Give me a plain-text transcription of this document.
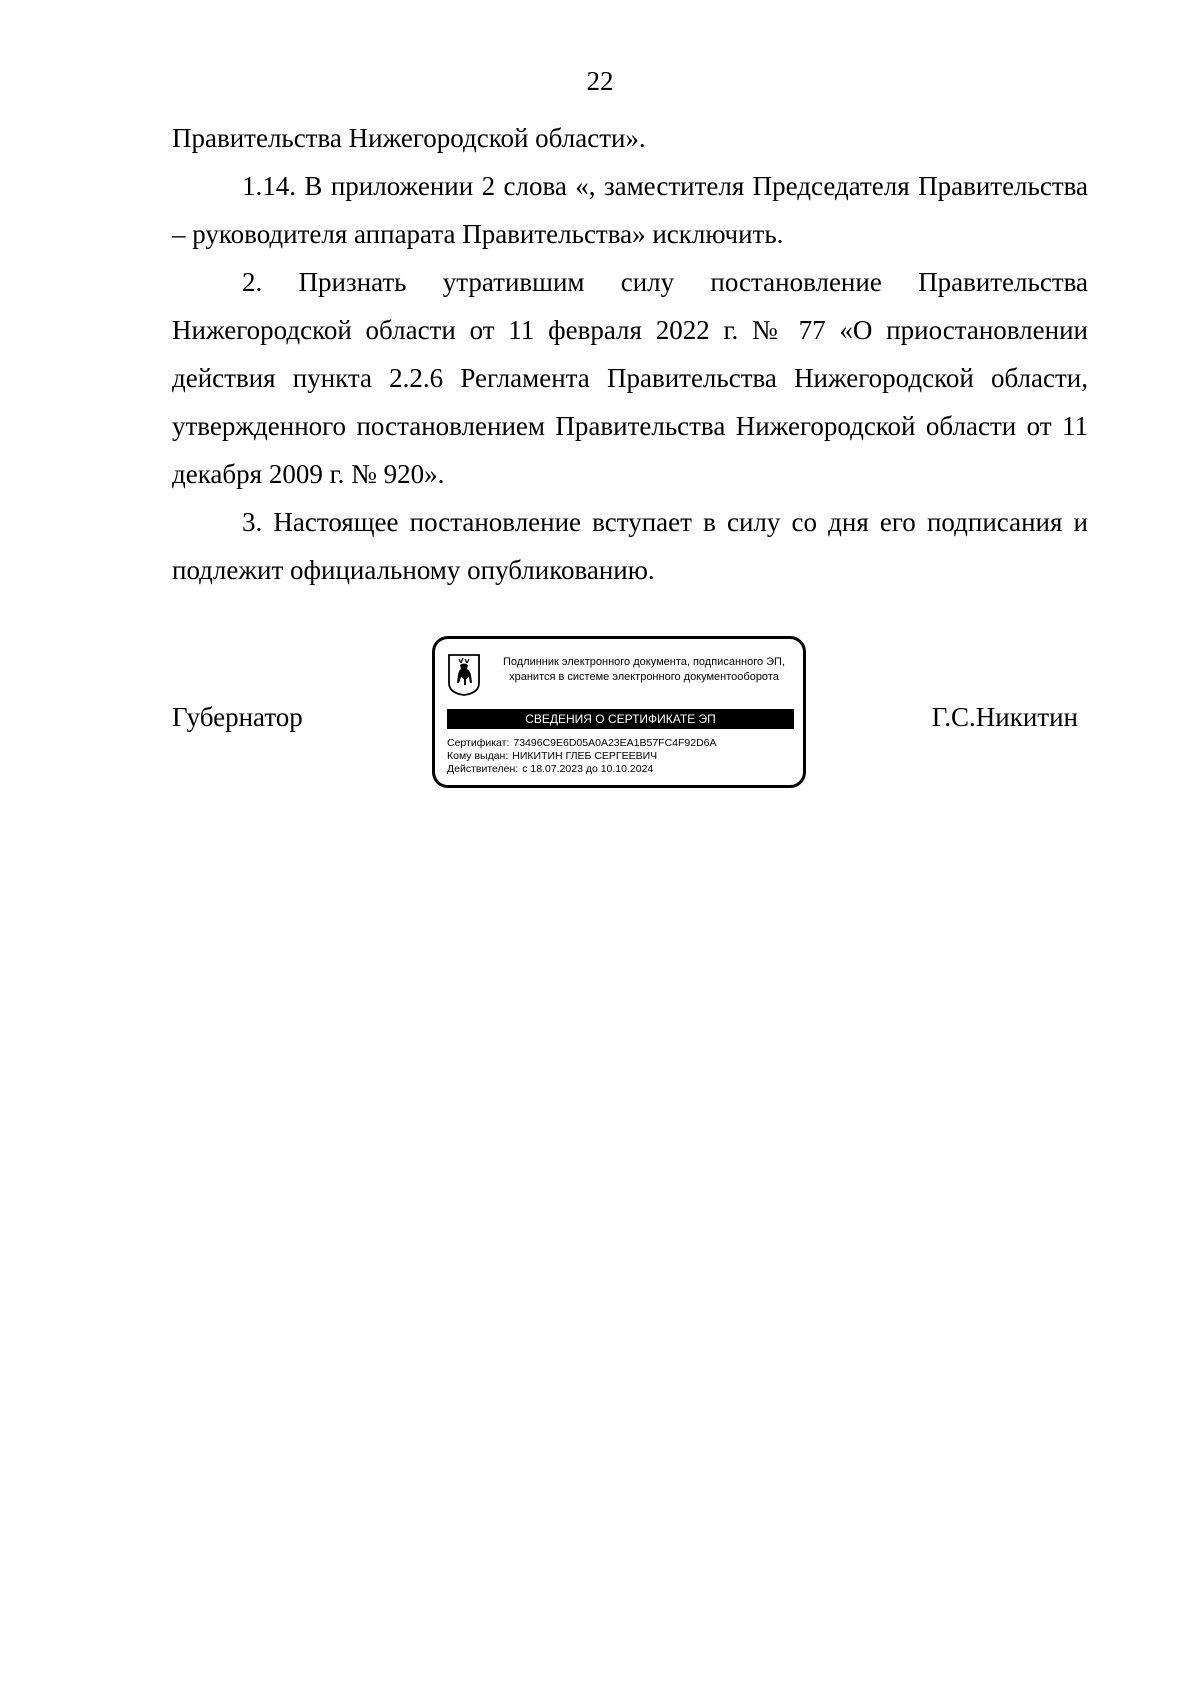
22

Правительства Нижегородской области».

1.14. В приложении 2 слова «, заместителя Председателя Правительства – руководителя аппарата Правительства» исключить.

2. Признать утратившим силу постановление Правительства Нижегородской области от 11 февраля 2022 г. № 77 «О приостановлении действия пункта 2.2.6 Регламента Правительства Нижегородской области, утвержденного постановлением Правительства Нижегородской области от 11 декабря 2009 г. № 920».

3. Настоящее постановление вступает в силу со дня его подписания и подлежит официальному опубликованию.

Губернатор
Подлинник электронного документа, подписанного ЭП,
хранится в системе электронного документооборота
СВЕДЕНИЯ О СЕРТИФИКАТЕ ЭП
Сертификат: 73496C9E6D05A0A23EA1B57FC4F92D6A
Кому выдан: НИКИТИН ГЛЕБ СЕРГЕЕВИЧ
Действителен: с 18.07.2023 до 10.10.2024
Г.С.Никитин
